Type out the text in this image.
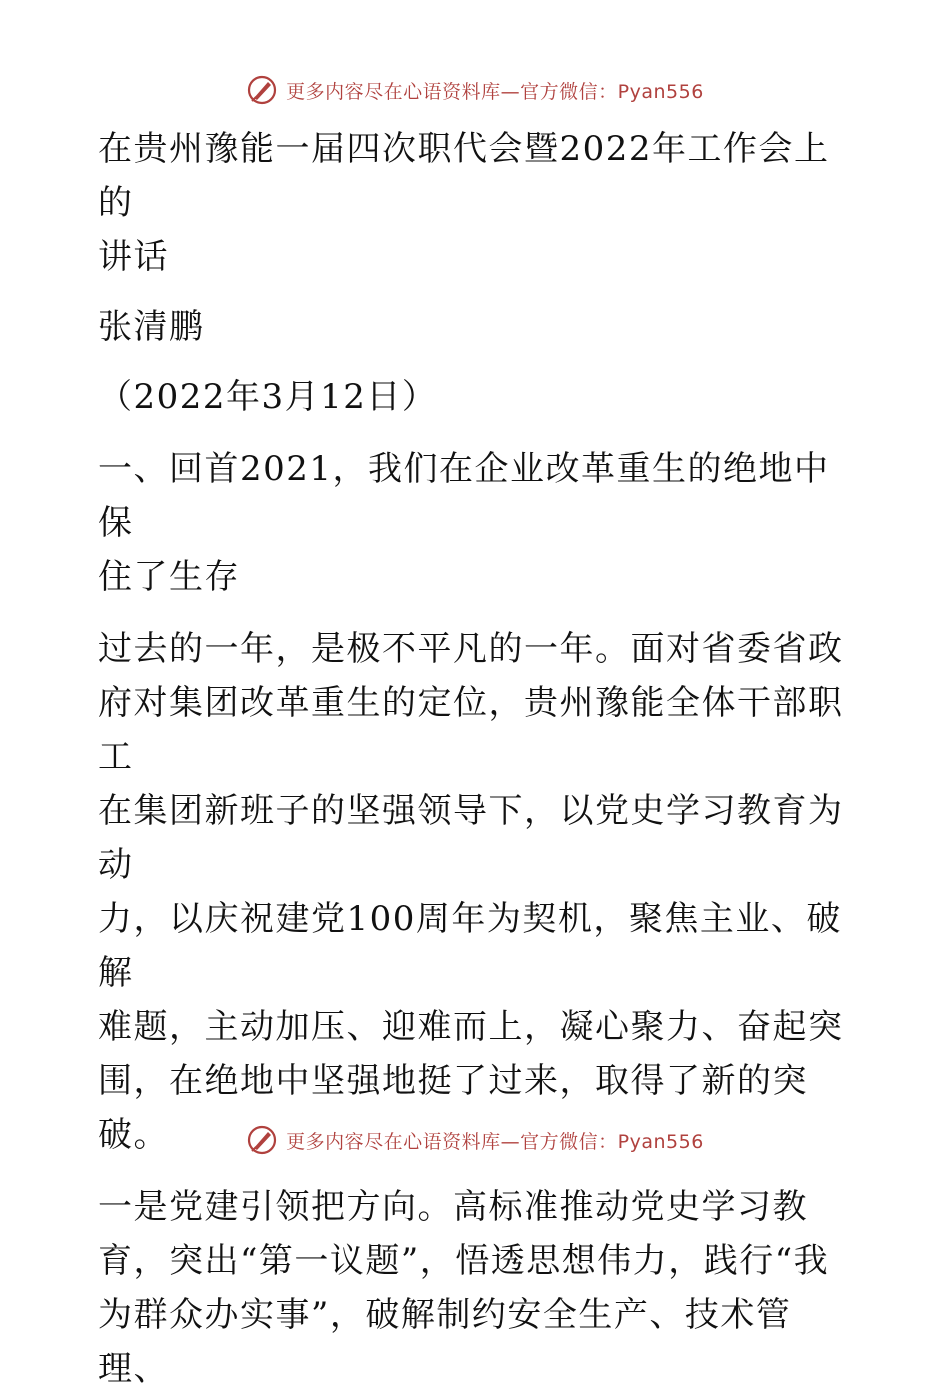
更多内容尽在心语资料库—官方微信：Pyan556

在贵州豫能一届四次职代会暨2022年工作会上的
讲话

张清鹏

（2022年3月12日）

一、回首2021，我们在企业改革重生的绝地中保
住了生存

过去的一年，是极不平凡的一年。面对省委省政
府对集团改革重生的定位，贵州豫能全体干部职工
在集团新班子的坚强领导下，以党史学习教育为动
力，以庆祝建党100周年为契机，聚焦主业、破解
难题，主动加压、迎难而上，凝心聚力、奋起突
围，在绝地中坚强地挺了过来，取得了新的突破。

一是党建引领把方向。高标准推动党史学习教
育，突出“第一议题”，悟透思想伟力，践行“我
为群众办实事”，破解制约安全生产、技术管理、

更多内容尽在心语资料库—官方微信：Pyan556
